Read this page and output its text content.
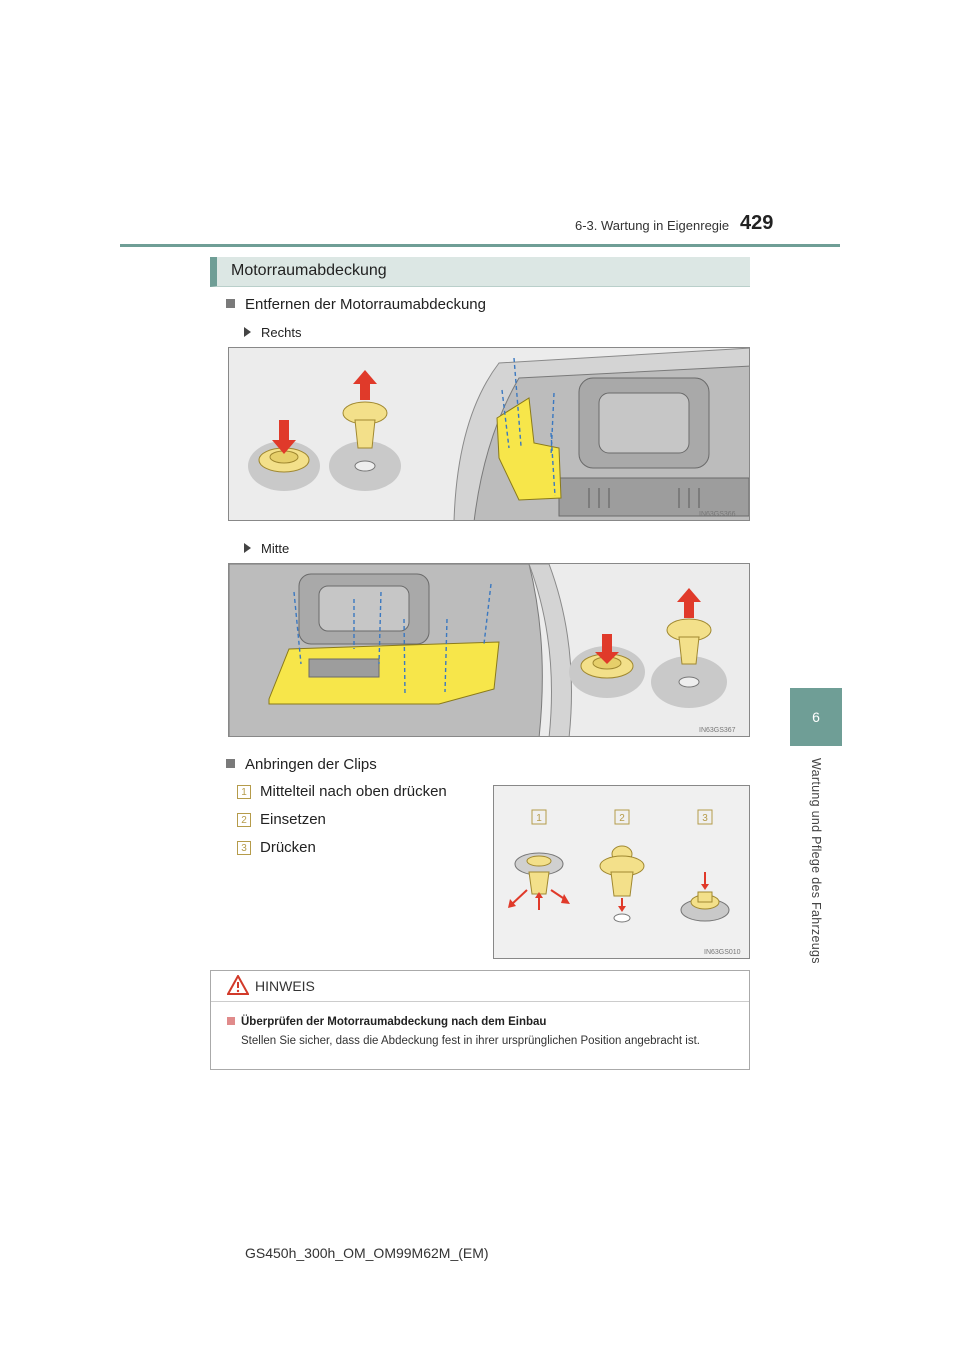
6-3. Wartung in Eigenregie 429
6
Wartung und Pflege des Fahrzeugs
Motorraumabdeckung
Entfernen der Motorraumabdeckung
Rechts
IN63GS366
Mitte
IN63GS367
Anbringen der Clips
1 Mittelteil nach oben drücken
2 Einsetzen
3 Drücken
1	2	3
IN63GS010
HINWEIS
Überprüfen der Motorraumabdeckung nach dem Einbau
Stellen Sie sicher, dass die Abdeckung fest in ihrer ursprünglichen Position angebracht ist.
GS450h_300h_OM_OM99M62M_(EM)
